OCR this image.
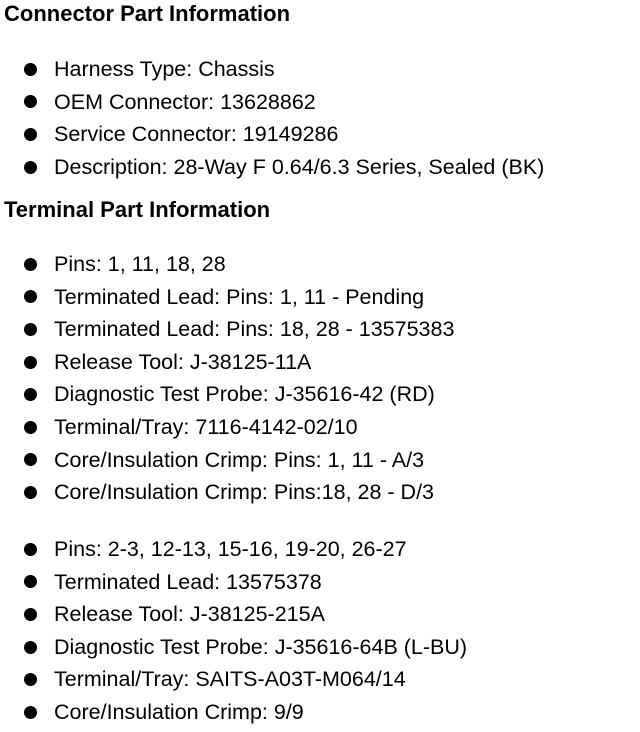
Connector Part Information
Harness Type: Chassis
OEM Connector: 13628862
Service Connector: 19149286
Description: 28-Way F 0.64/6.3 Series, Sealed (BK)
Terminal Part Information
Pins: 1, 11, 18, 28
Terminated Lead: Pins: 1, 11 - Pending
Terminated Lead: Pins: 18, 28 - 13575383
Release Tool: J-38125-11A
Diagnostic Test Probe: J-35616-42 (RD)
Terminal/Tray: 7116-4142-02/10
Core/Insulation Crimp: Pins: 1, 11 - A/3
Core/Insulation Crimp: Pins:18, 28 - D/3
Pins: 2-3, 12-13, 15-16, 19-20, 26-27
Terminated Lead: 13575378
Release Tool: J-38125-215A
Diagnostic Test Probe: J-35616-64B (L-BU)
Terminal/Tray: SAITS-A03T-M064/14
Core/Insulation Crimp: 9/9
